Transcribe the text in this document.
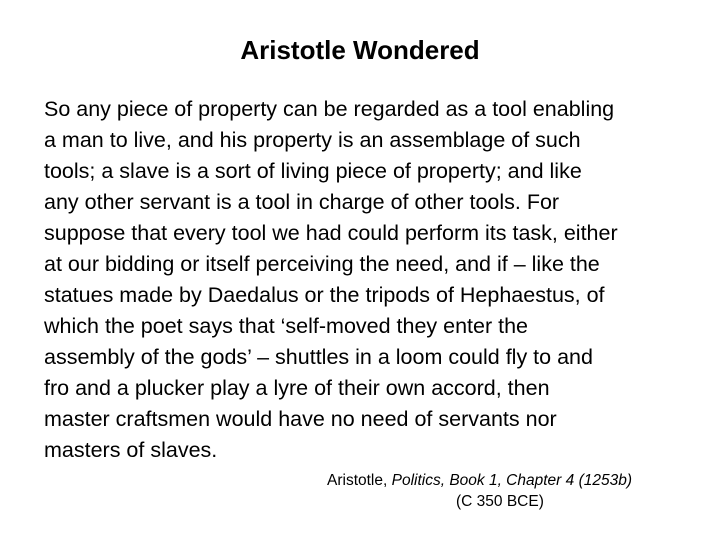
Aristotle Wondered
So any piece of property can be regarded as a tool enabling
a man to live, and his property is an assemblage of such
tools; a slave is a sort of living piece of property; and like
any other servant is a tool in charge of other tools. For
suppose that every tool we had could perform its task, either
at our bidding or itself perceiving the need, and if – like the
statues made by Daedalus or the tripods of Hephaestus, of
which the poet says that ‘self-moved they enter the
assembly of the gods’ – shuttles in a loom could fly to and
fro and a plucker play a lyre of their own accord, then
master craftsmen would have no need of servants nor
masters of slaves.
Aristotle, Politics, Book 1, Chapter 4 (1253b)
(C 350 BCE)
